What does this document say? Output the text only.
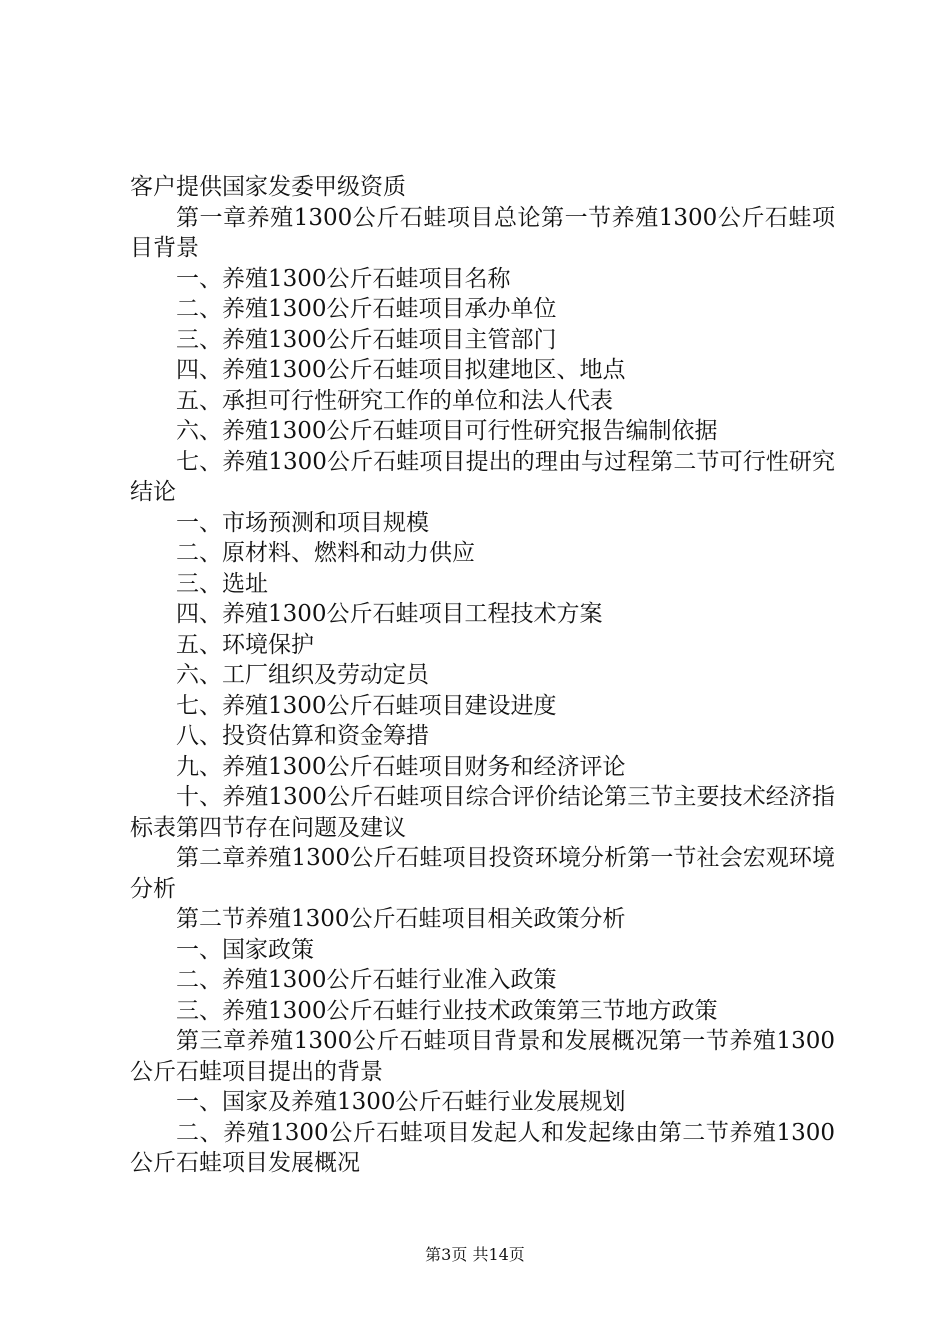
客户提供国家发委甲级资质

第一章养殖1300公斤石蛙项目总论第一节养殖1300公斤石蛙项目背景

一、养殖1300公斤石蛙项目名称

二、养殖1300公斤石蛙项目承办单位

三、养殖1300公斤石蛙项目主管部门

四、养殖1300公斤石蛙项目拟建地区、地点

五、承担可行性研究工作的单位和法人代表

六、养殖1300公斤石蛙项目可行性研究报告编制依据

七、养殖1300公斤石蛙项目提出的理由与过程第二节可行性研究结论

一、市场预测和项目规模

二、原材料、燃料和动力供应

三、选址

四、养殖1300公斤石蛙项目工程技术方案

五、环境保护

六、工厂组织及劳动定员

七、养殖1300公斤石蛙项目建设进度

八、投资估算和资金筹措

九、养殖1300公斤石蛙项目财务和经济评论

十、养殖1300公斤石蛙项目综合评价结论第三节主要技术经济指标表第四节存在问题及建议

第二章养殖1300公斤石蛙项目投资环境分析第一节社会宏观环境分析

第二节养殖1300公斤石蛙项目相关政策分析

一、国家政策

二、养殖1300公斤石蛙行业准入政策

三、养殖1300公斤石蛙行业技术政策第三节地方政策

第三章养殖1300公斤石蛙项目背景和发展概况第一节养殖1300公斤石蛙项目提出的背景

一、国家及养殖1300公斤石蛙行业发展规划

二、养殖1300公斤石蛙项目发起人和发起缘由第二节养殖1300公斤石蛙项目发展概况

第3页 共14页
